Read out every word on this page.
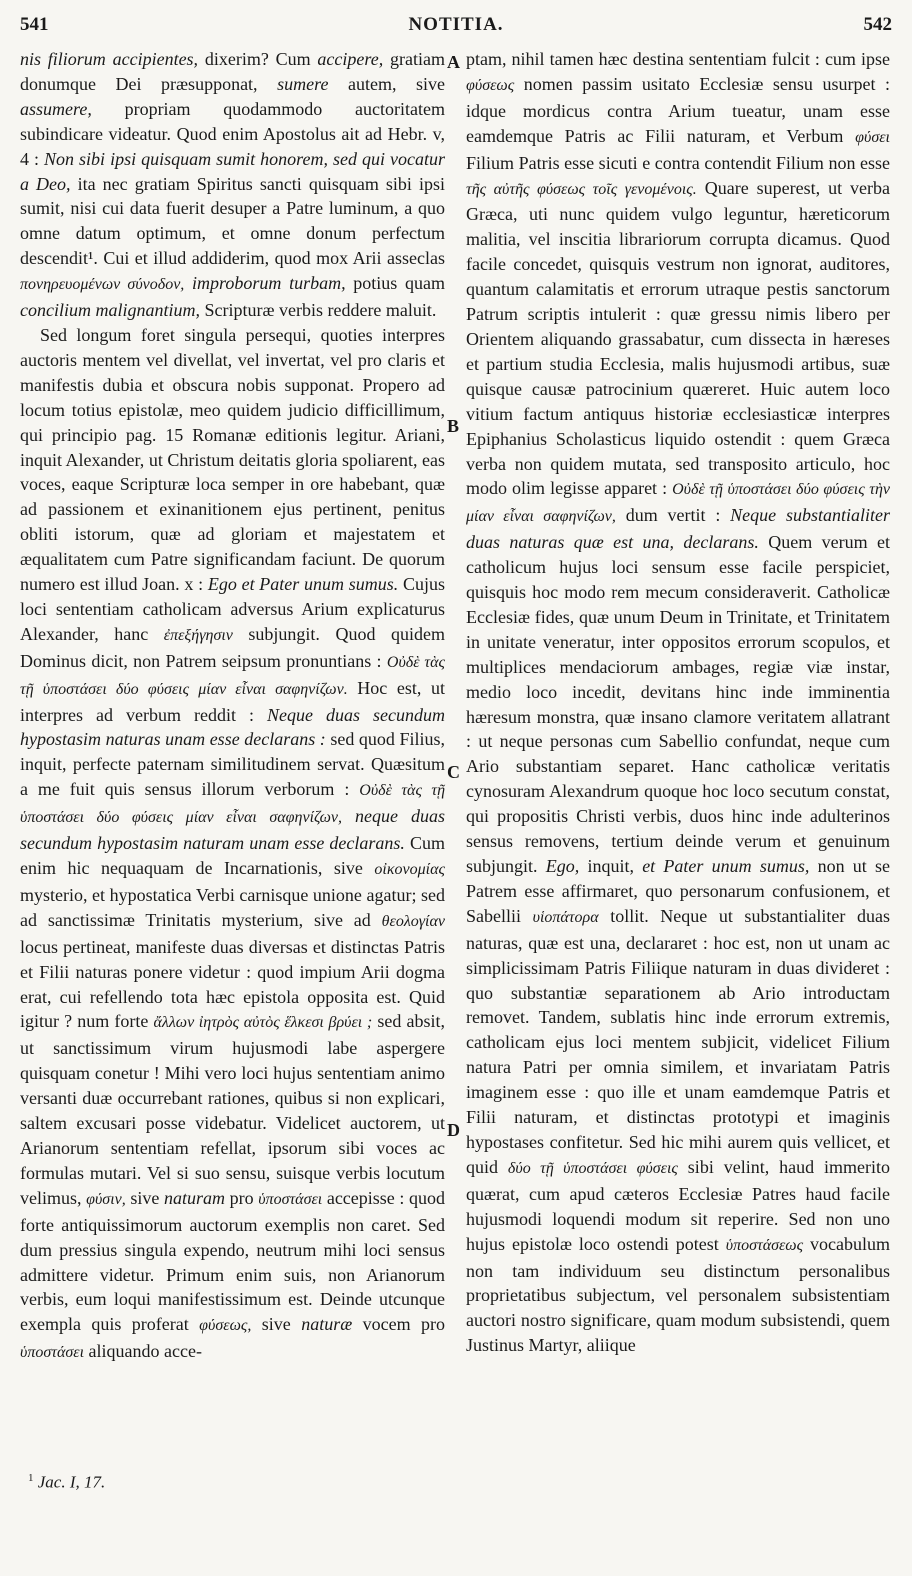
541	NOTITIA.	542

nis filiorum accipientes, dixerim? Cum accipere, gratiam donumque Dei præsupponat, sumere autem, sive assumere, propriam quodammodo auctoritatem subindicare videatur. Quod enim Apostolus ait ad Hebr. v, 4 : Non sibi ipsi quisquam sumit honorem, sed qui vocatur a Deo, ita nec gratiam Spiritus sancti quisquam sibi ipsi sumit, nisi cui data fuerit desuper a Patre luminum, a quo omne datum optimum, et omne donum perfectum descendit¹. Cui et illud addiderim, quod mox Arii asseclas πονηρευομένων σύνοδον, improborum turbam, potius quam concilium malignantium, Scripturæ verbis reddere maluit.

Sed longum foret singula persequi, quoties interpres auctoris mentem vel divellat, vel invertat, vel pro claris et manifestis dubia et obscura nobis supponat. Propero ad locum totius epistolæ, meo quidem judicio difficillimum, qui principio pag. 15 Romanæ editionis legitur. Ariani, inquit Alexander, ut Christum deitatis gloria spoliarent, eas voces, eaque Scripturæ loca semper in ore habebant, quæ ad passionem et exinanitionem ejus pertinent, penitus obliti istorum, quæ ad gloriam et majestatem et æqualitatem cum Patre significandam faciunt. De quorum numero est illud Joan. x : Ego et Pater unum sumus. Cujus loci sententiam catholicam adversus Arium explicaturus Alexander, hanc ἐπεξήγησιν subjungit. Quod quidem Dominus dicit, non Patrem seipsum pronuntians : Οὐδὲ τὰς τῇ ὑποστάσει δύο φύσεις μίαν εἶναι σαφηνίζων. Hoc est, ut interpres ad verbum reddit : Neque duas secundum hypostasim naturas unam esse declarans : sed quod Filius, inquit, perfecte paternam similitudinem servat. Quæsitum a me fuit quis sensus illorum verborum : Οὐδὲ τὰς τῇ ὑποστάσει δύο φύσεις μίαν εἶναι σαφηνίζων, neque duas secundum hypostasim naturam unam esse declarans. Cum enim hic nequaquam de Incarnationis, sive οἰκονομίας mysterio, et hypostatica Verbi carnisque unione agatur; sed ad sanctissimæ Trinitatis mysterium, sive ad θεολογίαν locus pertineat, manifeste duas diversas et distinctas Patris et Filii naturas ponere videtur : quod impium Arii dogma erat, cui refellendo tota hæc epistola opposita est. Quid igitur ? num forte ἄλλων ἰητρὸς αὐτὸς ἕλκεσι βρύει ; sed absit, ut sanctissimum virum hujusmodi labe aspergere quisquam conetur ! Mihi vero loci hujus sententiam animo versanti duæ occurrebant rationes, quibus si non explicari, saltem excusari posse videbatur. Videlicet auctorem, ut Arianorum sententiam refellat, ipsorum sibi voces ac formulas mutari. Vel si suo sensu, suisque verbis locutum velimus, φύσιν, sive naturam pro ὑποστάσει accepisse : quod forte antiquissimorum auctorum exemplis non caret. Sed dum pressius singula expendo, neutrum mihi loci sensus admittere videtur. Primum enim suis, non Arianorum verbis, eum loqui manifestissimum est. Deinde utcunque exempla quis proferat φύσεως, sive naturæ vocem pro ὑποστάσει aliquando acce-

ptam, nihil tamen hæc destina sententiam fulcit : cum ipse φύσεως nomen passim usitato Ecclesiæ sensu usurpet : idque mordicus contra Arium tueatur, unam esse eamdemque Patris ac Filii naturam, et Verbum φύσει Filium Patris esse sicuti e contra contendit Filium non esse τῆς αὐτῆς φύσεως τοῖς γενομένοις. Quare superest, ut verba Græca, uti nunc quidem vulgo leguntur, hæreticorum malitia, vel inscitia librariorum corrupta dicamus. Quod facile concedet, quisquis vestrum non ignorat, auditores, quantum calamitatis et errorum utraque pestis sanctorum Patrum scriptis intulerit : quæ gressu nimis libero per Orientem aliquando grassabatur, cum dissecta in hæreses et partium studia Ecclesia, malis hujusmodi artibus, suæ quisque causæ patrocinium quæreret. Huic autem loco vitium factum antiquus historiæ ecclesiasticæ interpres Epiphanius Scholasticus liquido ostendit : quem Græca verba non quidem mutata, sed transposito articulo, hoc modo olim legisse apparet : Οὐδὲ τῇ ὑποστάσει δύο φύσεις τὴν μίαν εἶναι σαφηνίζων, dum vertit : Neque substantialiter duas naturas quæ est una, declarans. Quem verum et catholicum hujus loci sensum esse facile perspiciet, quisquis hoc modo rem mecum consideraverit. Catholicæ Ecclesiæ fides, quæ unum Deum in Trinitate, et Trinitatem in unitate veneratur, inter oppositos errorum scopulos, et multiplices mendaciorum ambages, regiæ viæ instar, medio loco incedit, devitans hinc inde imminentia hæresum monstra, quæ insano clamore veritatem allatrant : ut neque personas cum Sabellio confundat, neque cum Ario substantiam separet. Hanc catholicæ veritatis cynosuram Alexandrum quoque hoc loco secutum constat, qui propositis Christi verbis, duos hinc inde adulterinos sensus removens, tertium deinde verum et genuinum subjungit. Ego, inquit, et Pater unum sumus, non ut se Patrem esse affirmaret, quo personarum confusionem, et Sabellii υἱοπάτορα tollit. Neque ut substantialiter duas naturas, quæ est una, declararet : hoc est, non ut unam ac simplicissimam Patris Filiique naturam in duas divideret : quo substantiæ separationem ab Ario introductam removet. Tandem, sublatis hinc inde errorum extremis, catholicam ejus loci mentem subjicit, videlicet Filium natura Patri per omnia similem, et invariatam Patris imaginem esse : quo ille et unam eamdemque Patris et Filii naturam, et distinctas prototypi et imaginis hypostases confitetur. Sed hic mihi aurem quis vellicet, et quid δύο τῇ ὑποστάσει φύσεις sibi velint, haud immerito quærat, cum apud cæteros Ecclesiæ Patres haud facile hujusmodi loquendi modum sit reperire. Sed non uno hujus epistolæ loco ostendi potest ὑποστάσεως vocabulum non tam individuum seu distinctum personalibus proprietatibus subjectum, vel personalem subsistentiam auctori nostro significare, quam modum subsistendi, quem Justinus Martyr, aliique

A
B
C
D
$^1$ Jac. I, 17.
